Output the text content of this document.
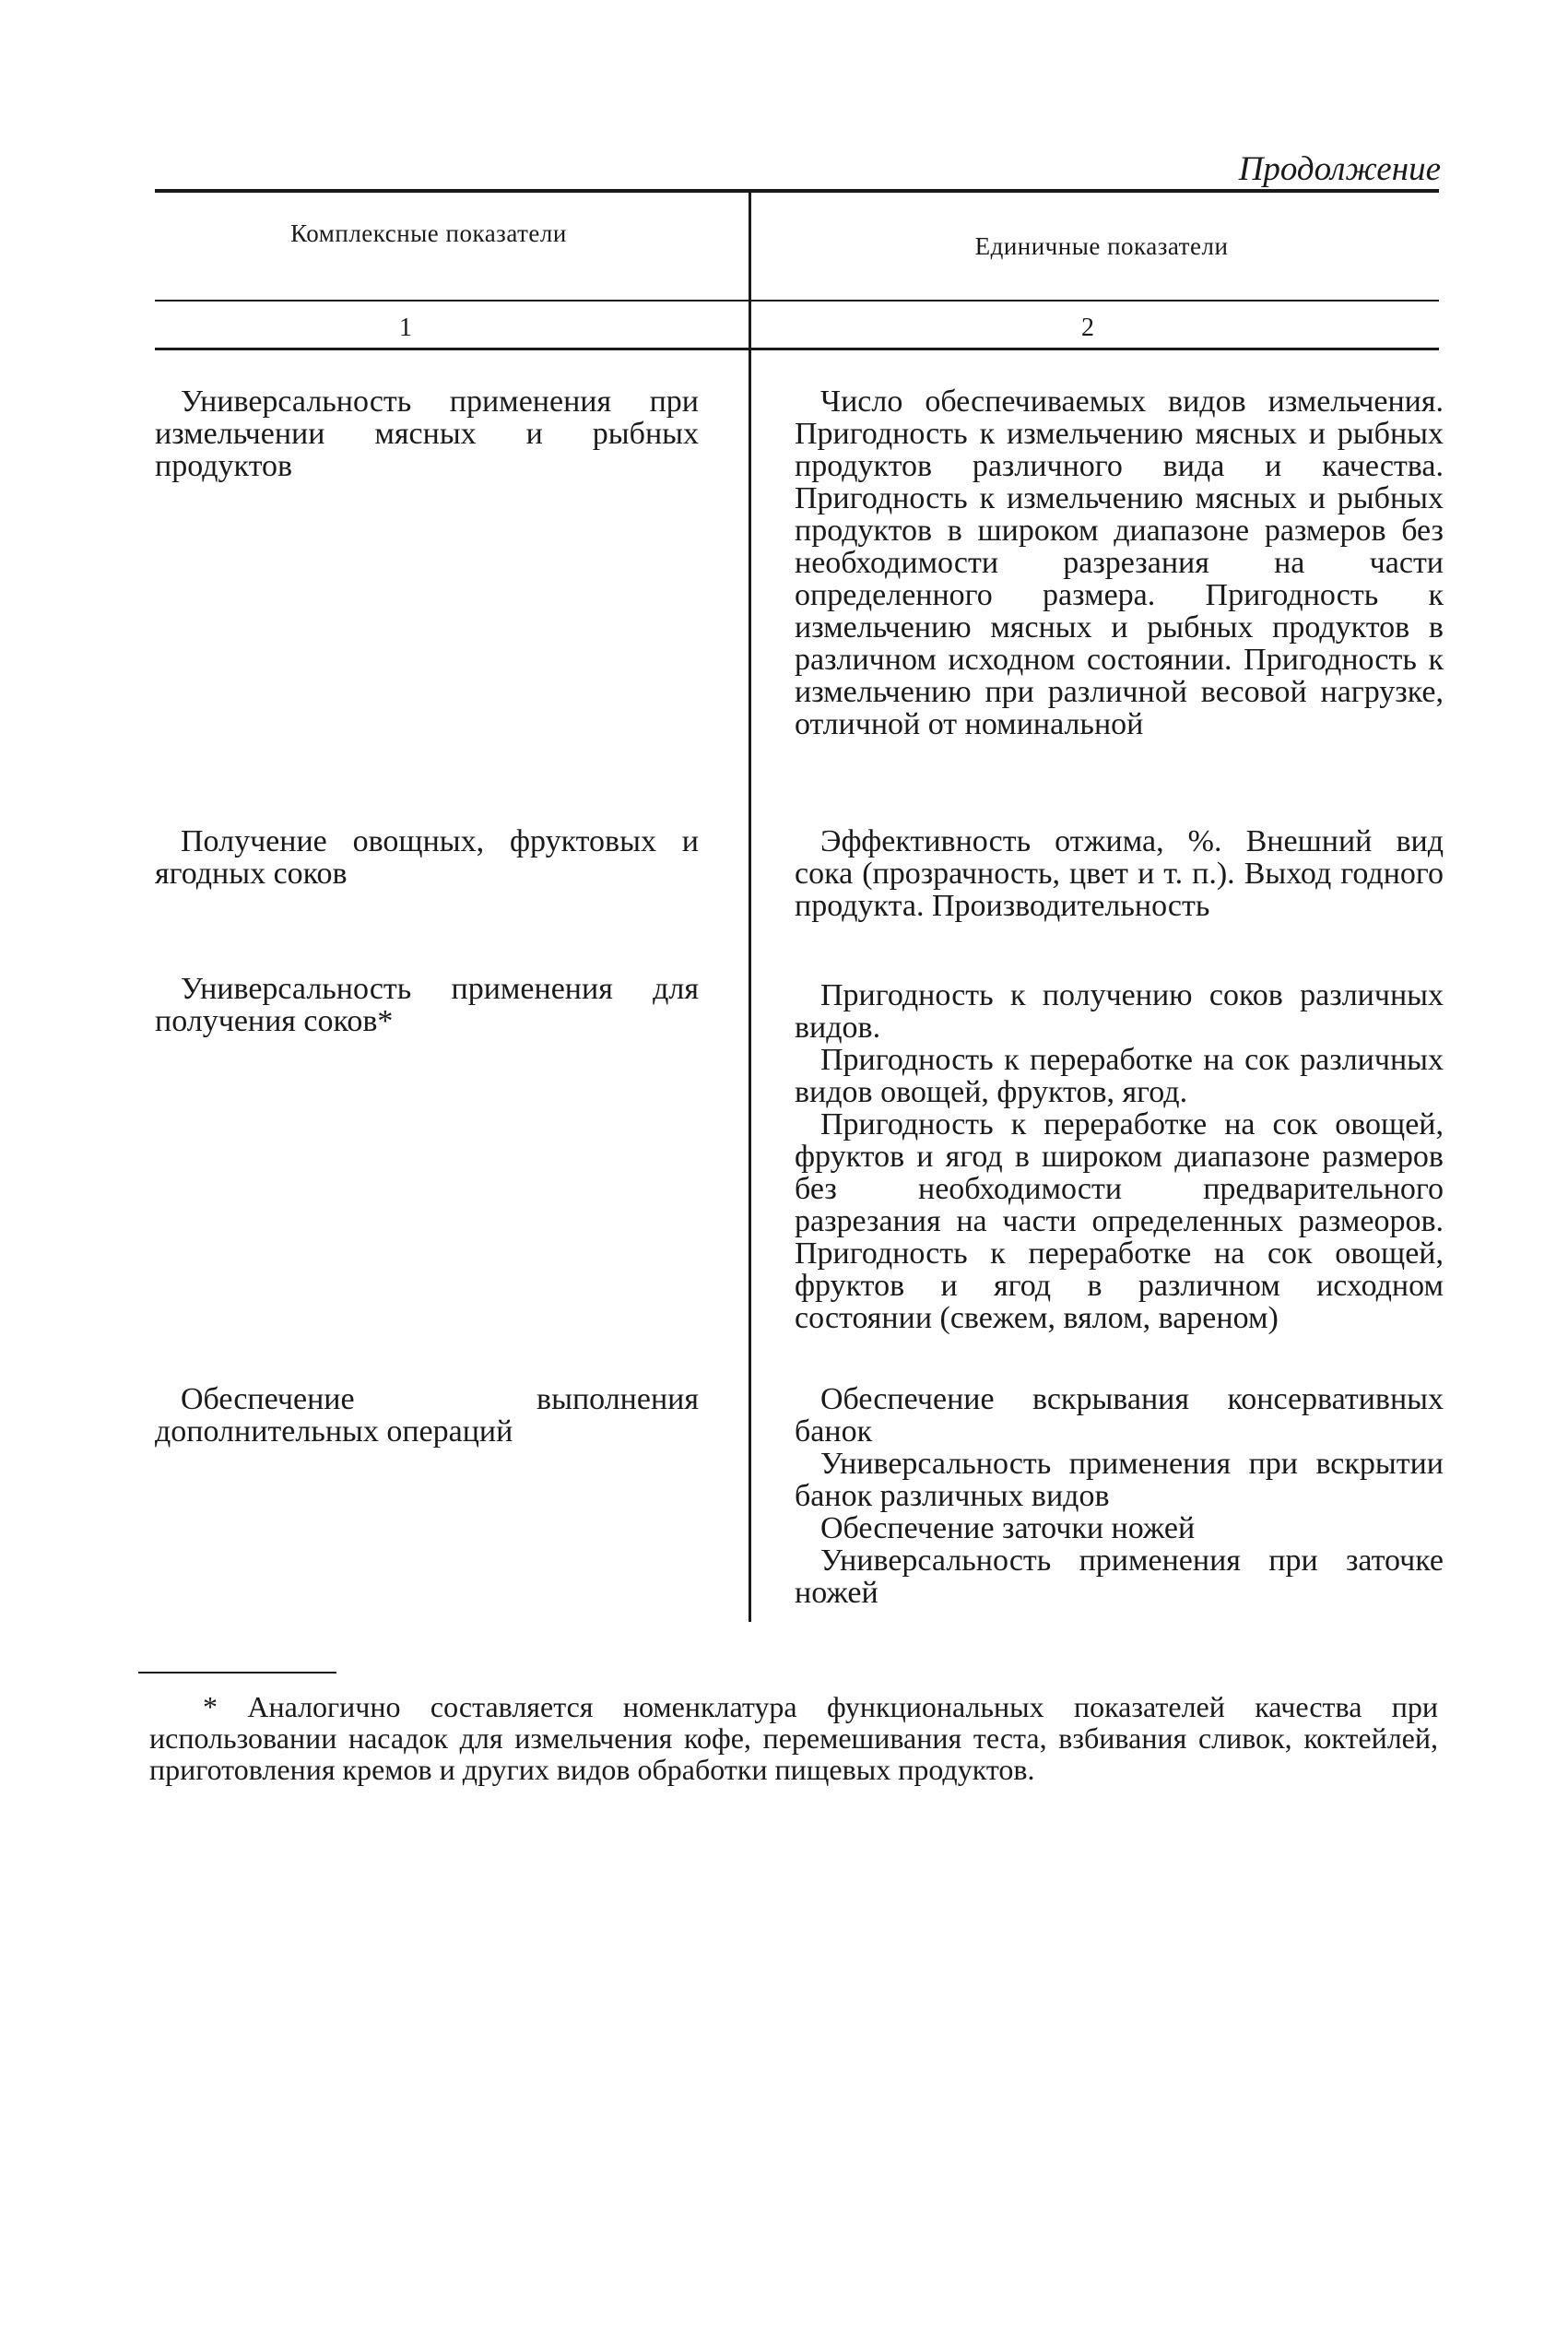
Продолжение
Комплексные показатели	Единичные показатели
1	2

Универсальность применения при измельчении мясных и рыбных продуктов

Число обеспечиваемых видов измельчения. Пригодность к измельчению мясных и рыбных продуктов различного вида и качества. Пригодность к измельчению мясных и рыбных продуктов в широком диапазоне размеров без необходимости разрезания на части определенного размера. Пригодность к измельчению мясных и рыбных продуктов в различном исходном состоянии. Пригодность к измельчению при различной весовой нагрузке, отличной от номинальной

Получение овощных, фруктовых и ягодных соков

Эффективность отжима, %. Внешний вид сока (прозрачность, цвет и т. п.). Выход годного продукта. Производительность

Универсальность применения для получения соков*

Пригодность к получению соков различных видов.

Пригодность к переработке на сок различных видов овощей, фруктов, ягод.

Пригодность к переработке на сок овощей, фруктов и ягод в широком диапазоне размеров без необходимости предварительного разрезания на части определенных размеоров. Пригодность к переработке на сок овощей, фруктов и ягод в различном исходном состоянии (свежем, вялом, вареном)

Обеспечение выполнения дополнительных операций

Обеспечение вскрывания консервативных банок

Универсальность применения при вскрытии банок различных видов

Обеспечение заточки ножей

Универсальность применения при заточке ножей

* Аналогично составляется номенклатура функциональных показателей качества при использовании насадок для измельчения кофе, перемешивания теста, взбивания сливок, коктейлей, приготовления кремов и других видов обработки пищевых продуктов.
